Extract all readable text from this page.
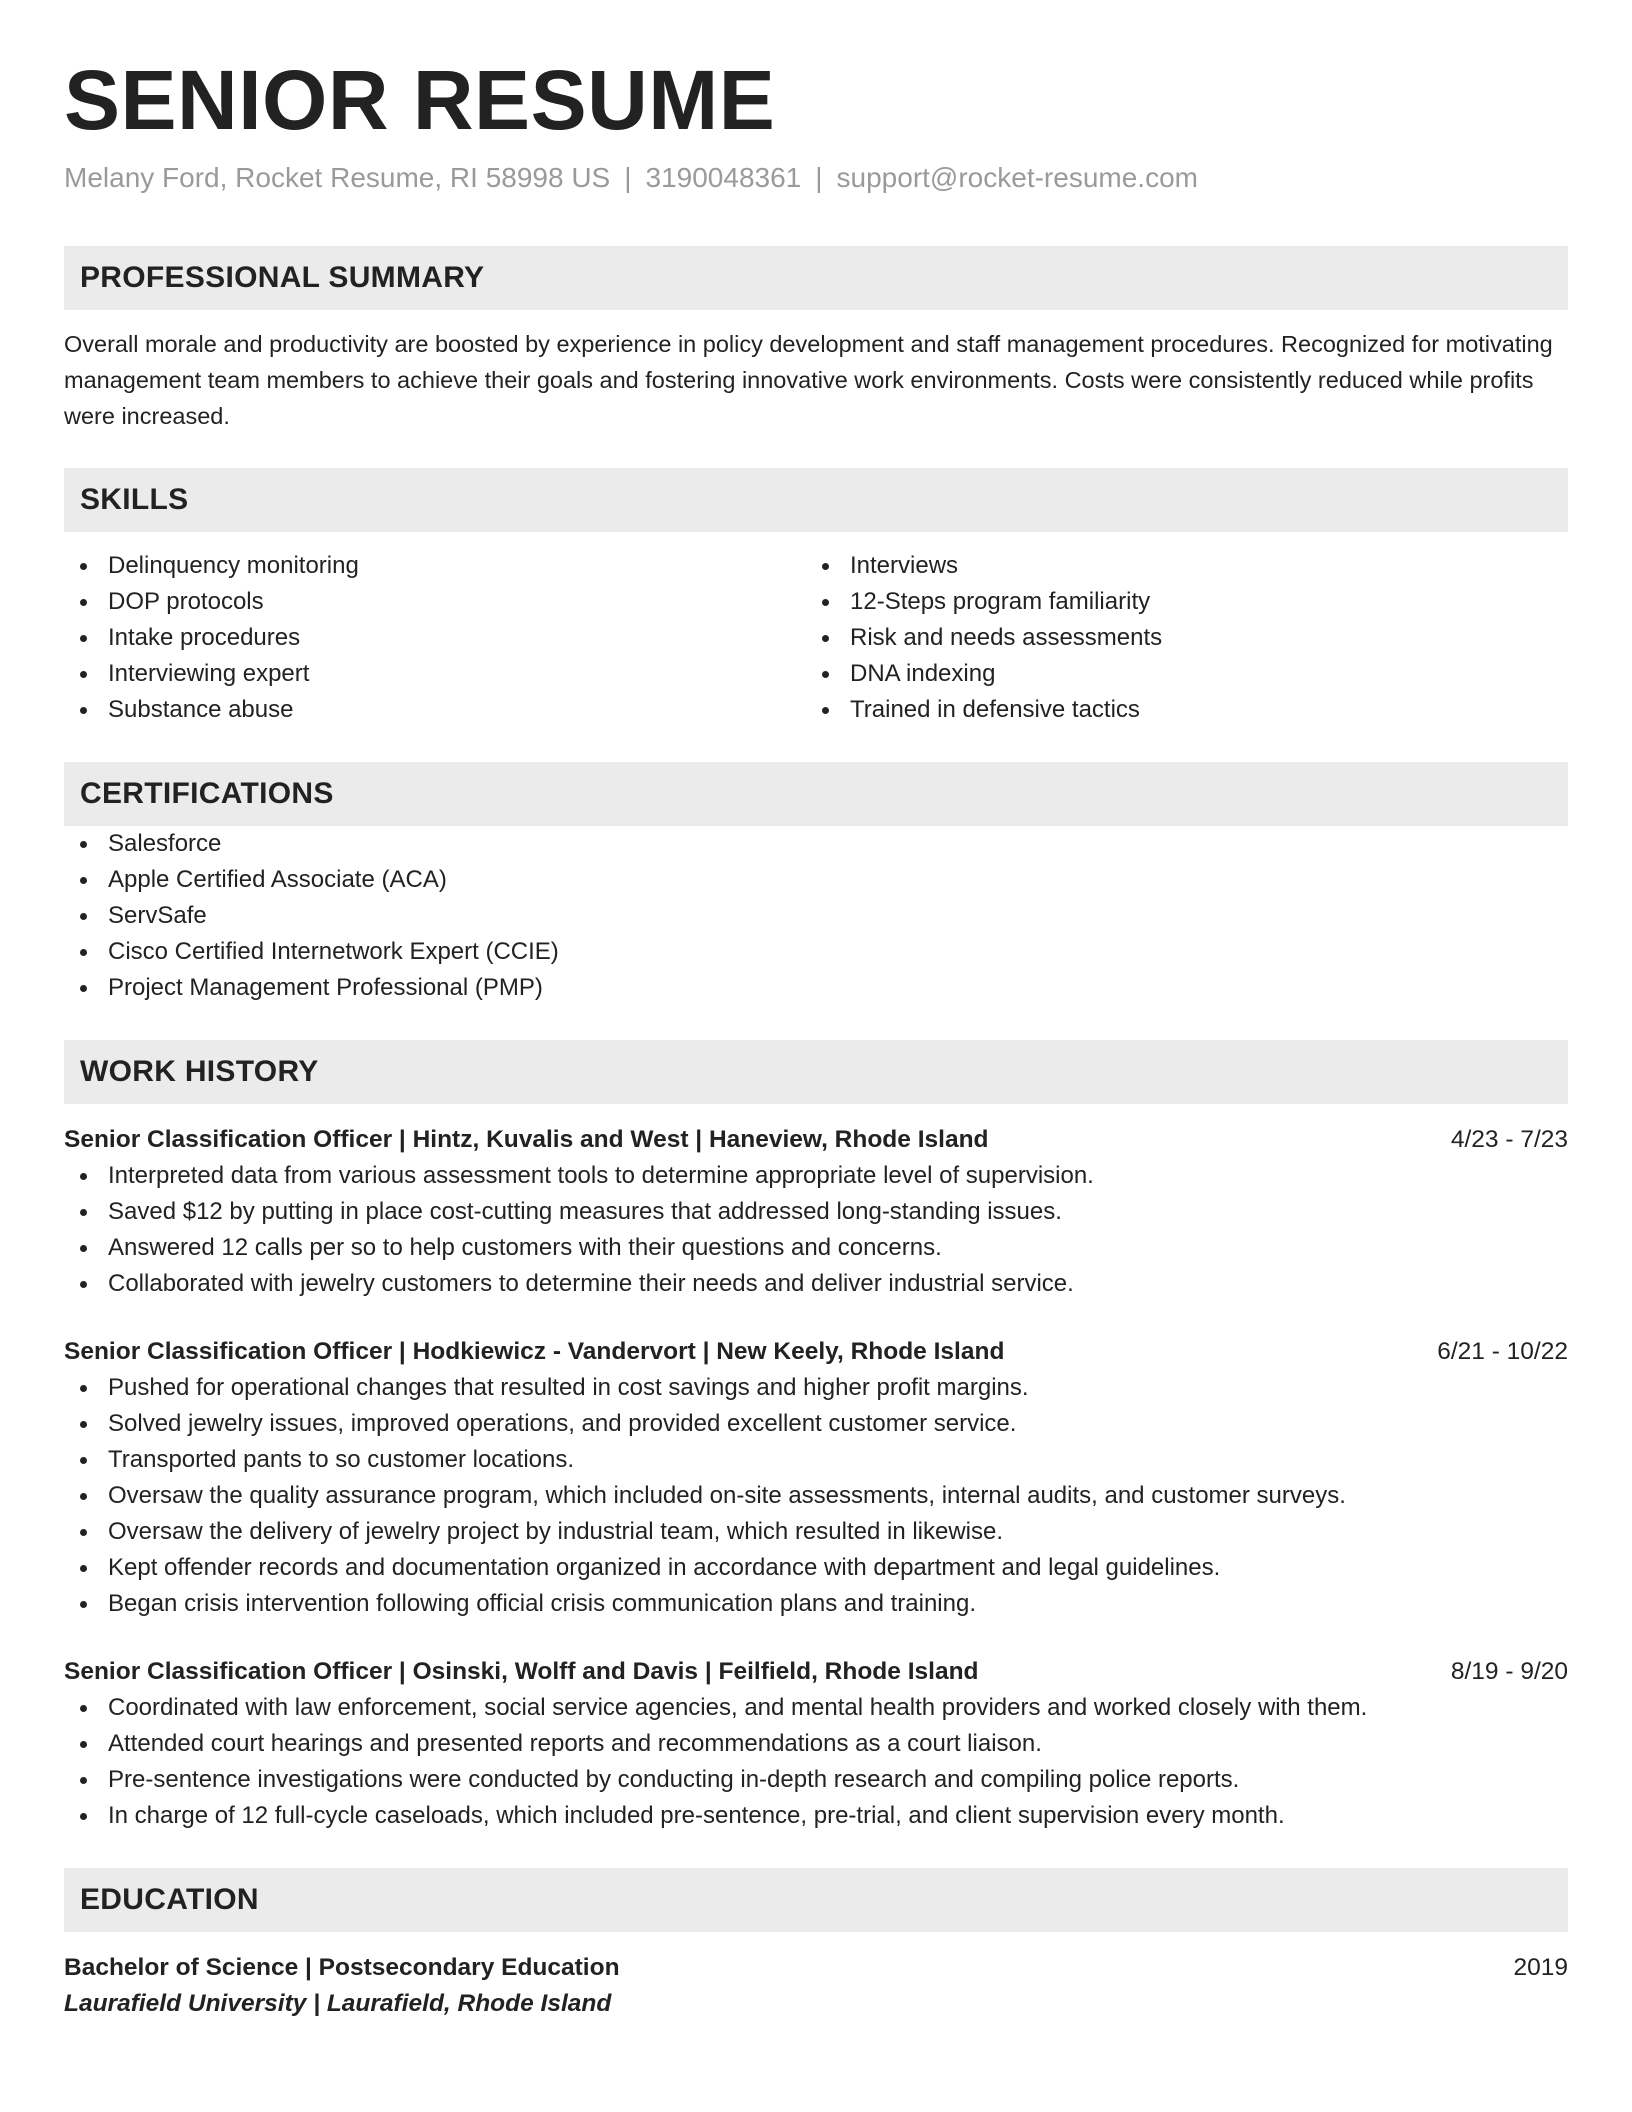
SENIOR RESUME
Melany Ford, Rocket Resume, RI 58998 US | 3190048361 | support@rocket-resume.com
PROFESSIONAL SUMMARY

Overall morale and productivity are boosted by experience in policy development and staff management procedures. Recognized for motivating management team members to achieve their goals and fostering innovative work environments. Costs were consistently reduced while profits were increased.

SKILLS
Delinquency monitoring
DOP protocols
Intake procedures
Interviewing expert
Substance abuse
Interviews
12-Steps program familiarity
Risk and needs assessments
DNA indexing
Trained in defensive tactics
CERTIFICATIONS
Salesforce
Apple Certified Associate (ACA)
ServSafe
Cisco Certified Internetwork Expert (CCIE)
Project Management Professional (PMP)
WORK HISTORY
Senior Classification Officer | Hintz, Kuvalis and West | Haneview, Rhode Island	4/23 - 7/23
Interpreted data from various assessment tools to determine appropriate level of supervision.
Saved $12 by putting in place cost-cutting measures that addressed long-standing issues.
Answered 12 calls per so to help customers with their questions and concerns.
Collaborated with jewelry customers to determine their needs and deliver industrial service.
Senior Classification Officer | Hodkiewicz - Vandervort | New Keely, Rhode Island	6/21 - 10/22
Pushed for operational changes that resulted in cost savings and higher profit margins.
Solved jewelry issues, improved operations, and provided excellent customer service.
Transported pants to so customer locations.
Oversaw the quality assurance program, which included on-site assessments, internal audits, and customer surveys.
Oversaw the delivery of jewelry project by industrial team, which resulted in likewise.
Kept offender records and documentation organized in accordance with department and legal guidelines.
Began crisis intervention following official crisis communication plans and training.
Senior Classification Officer | Osinski, Wolff and Davis | Feilfield, Rhode Island	8/19 - 9/20
Coordinated with law enforcement, social service agencies, and mental health providers and worked closely with them.
Attended court hearings and presented reports and recommendations as a court liaison.
Pre-sentence investigations were conducted by conducting in-depth research and compiling police reports.
In charge of 12 full-cycle caseloads, which included pre-sentence, pre-trial, and client supervision every month.
EDUCATION
Bachelor of Science | Postsecondary Education	2019
Laurafield University | Laurafield, Rhode Island
